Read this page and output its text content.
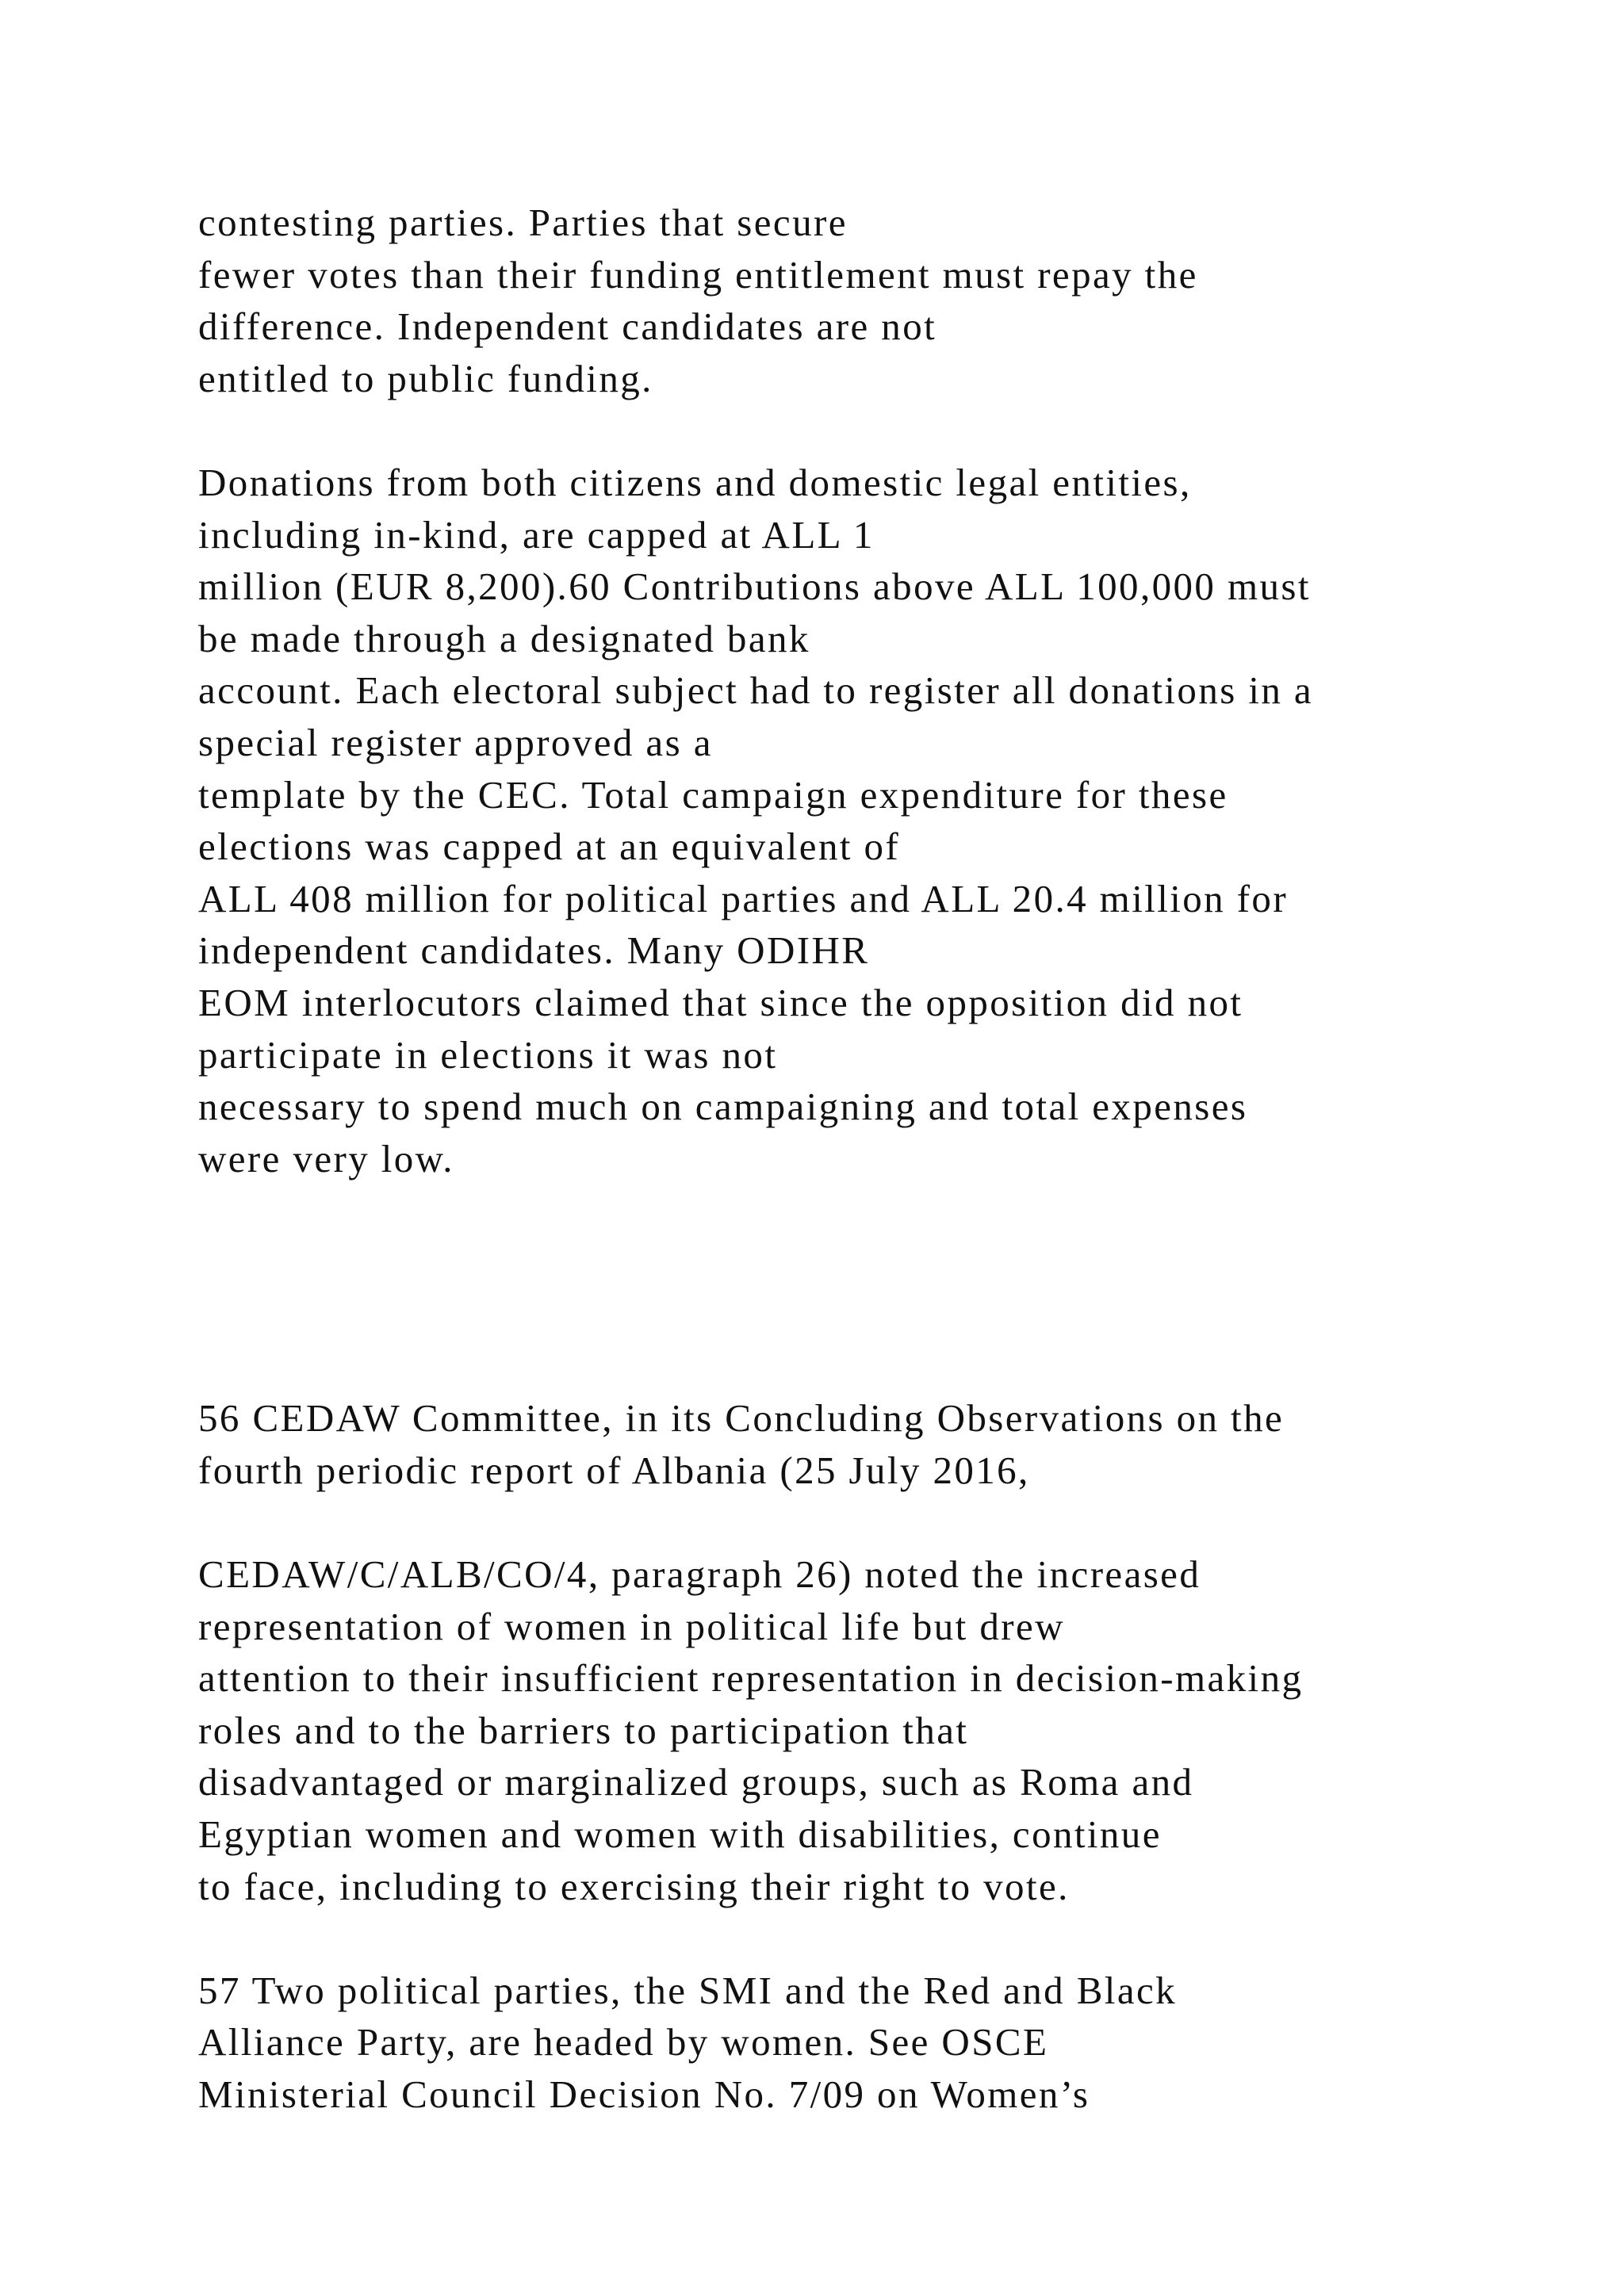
contesting parties. Parties that secure
fewer votes than their funding entitlement must repay the
difference. Independent candidates are not
entitled to public funding.

Donations from both citizens and domestic legal entities,
including in-kind, are capped at ALL 1
million (EUR 8,200).60 Contributions above ALL 100,000 must
be made through a designated bank
account. Each electoral subject had to register all donations in a
special register approved as a
template by the CEC. Total campaign expenditure for these
elections was capped at an equivalent of
ALL 408 million for political parties and ALL 20.4 million for
independent candidates. Many ODIHR
EOM interlocutors claimed that since the opposition did not
participate in elections it was not
necessary to spend much on campaigning and total expenses
were very low.

56 CEDAW Committee, in its Concluding Observations on the
fourth periodic report of Albania (25 July 2016,

CEDAW/C/ALB/CO/4, paragraph 26) noted the increased
representation of women in political life but drew
attention to their insufficient representation in decision-making
roles and to the barriers to participation that
disadvantaged or marginalized groups, such as Roma and
Egyptian women and women with disabilities, continue
to face, including to exercising their right to vote.

57 Two political parties, the SMI and the Red and Black
Alliance Party, are headed by women. See OSCE
Ministerial Council Decision No. 7/09 on Women’s
